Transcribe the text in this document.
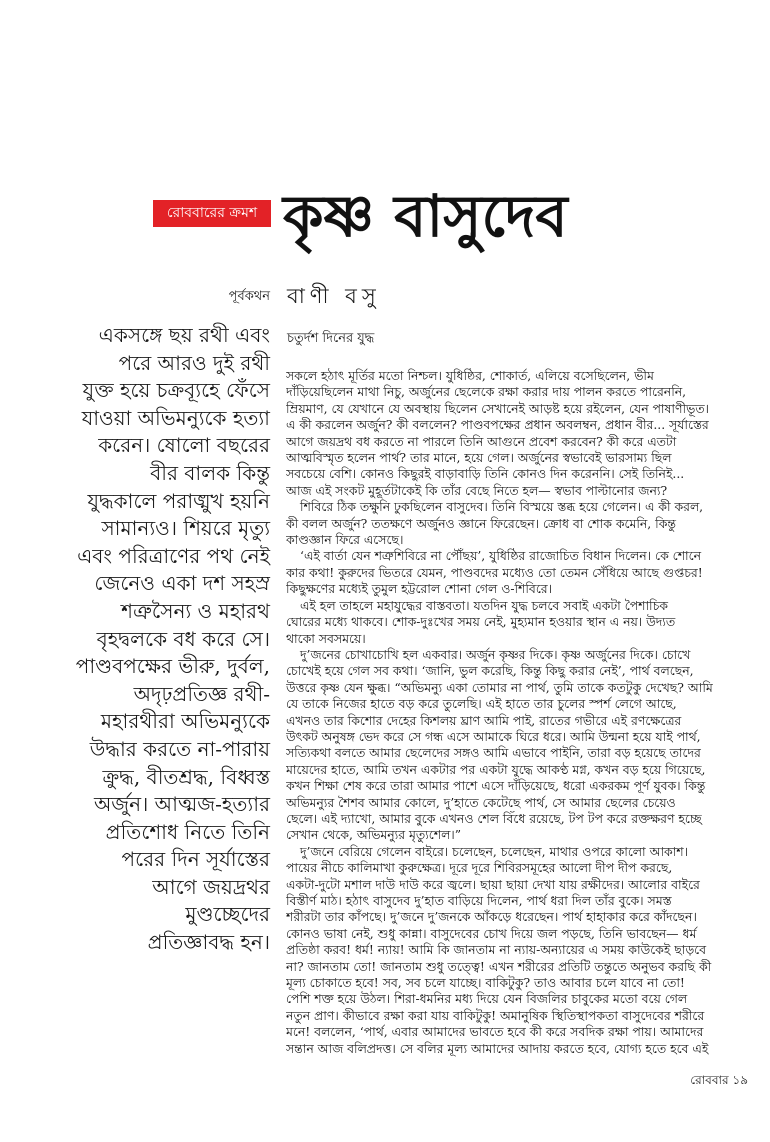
রোববারের ক্রমশ কৃষ্ণ বাসুদেব
পূর্বকথন বাণী বসু
চতুর্দশ দিনের যুদ্ধ
একসঙ্গে ছয় রথী এবং
পরে আরও দুই রথী
যুক্ত হয়ে চক্রব্যূহে ফেঁসে
যাওয়া অভিমন্যুকে হত্যা
করেন। ষোলো বছরের
বীর বালক কিন্তু
যুদ্ধকালে পরাঙ্মুখ হয়নি
সামান্যও। শিয়রে মৃত্যু
এবং পরিত্রাণের পথ নেই
জেনেও একা দশ সহস্র
শত্রুসৈন্য ও মহারথ
বৃহদ্বলকে বধ করে সে।
পাণ্ডবপক্ষের ভীরু, দুর্বল,
অদৃঢ়প্রতিজ্ঞ রথী-
মহারথীরা অভিমন্যুকে
উদ্ধার করতে না-পারায়
ক্রুদ্ধ, বীতশ্রদ্ধ, বিধ্বস্ত
অর্জুন। আত্মজ-হত্যার
প্রতিশোধ নিতে তিনি
পরের দিন সূর্যাস্তের
আগে জয়দ্রথর
মুণ্ডচ্ছেদের
প্রতিজ্ঞাবদ্ধ হন।
সকলে হঠাৎ মূর্তির মতো নিশ্চল। যুধিষ্ঠির, শোকার্ত, এলিয়ে বসেছিলেন, ভীম
দাঁড়িয়েছিলেন মাথা নিচু, অর্জুনের ছেলেকে রক্ষা করার দায় পালন করতে পারেননি,
ম্রিয়মাণ, যে যেখানে যে অবস্থায় ছিলেন সেখানেই আড়ষ্ট হয়ে রইলেন, যেন পাষাণীভূত।
এ কী করলেন অর্জুন? কী বললেন? পাণ্ডবপক্ষের প্রধান অবলম্বন, প্রধান বীর... সূর্যাস্তের
আগে জয়দ্রথ বধ করতে না পারলে তিনি আগুনে প্রবেশ করবেন? কী করে এতটা
আত্মবিস্মৃত হলেন পার্থ? তার মানে, হয়ে গেল। অর্জুনের স্বভাবেই ভারসাম্য ছিল
সবচেয়ে বেশি। কোনও কিছুরই বাড়াবাড়ি তিনি কোনও দিন করেননি। সেই তিনিই...
আজ এই সংকট মুহূর্তটাকেই কি তাঁর বেছে নিতে হল— স্বভাব পাল্টানোর জন্য?
শিবিরে ঠিক তক্ষুনি ঢুকছিলেন বাসুদেব। তিনি বিস্ময়ে স্তব্ধ হয়ে গেলেন। এ কী করল,
কী বলল অর্জুন? ততক্ষণে অর্জুনও জ্ঞানে ফিরেছেন। ক্রোধ বা শোক কমেনি, কিন্তু
কাণ্ডজ্ঞান ফিরে এসেছে।
‘এই বার্তা যেন শত্রুশিবিরে না পৌঁছয়’, যুধিষ্ঠির রাজোচিত বিধান দিলেন। কে শোনে
কার কথা! কুরুদের ভিতরে যেমন, পাণ্ডবদের মধ্যেও তো তেমন সেঁধিয়ে আছে গুপ্তচর!
কিছুক্ষণের মধ্যেই তুমুল হট্টরোল শোনা গেল ও-শিবিরে।
এই হল তাহলে মহাযুদ্ধের বাস্তবতা। যতদিন যুদ্ধ চলবে সবাই একটা পৈশাচিক
ঘোরের মধ্যে থাকবে। শোক-দুঃখের সময় নেই, মুহ্যমান হওয়ার স্থান এ নয়। উদ্যত
থাকো সবসময়ে।
দু’জনের চোখাচোখি হল একবার। অর্জুন কৃষ্ণর দিকে। কৃষ্ণ অর্জুনের দিকে। চোখে
চোখেই হয়ে গেল সব কথা। ‘জানি, ভুল করেছি, কিন্তু কিছু করার নেই’, পার্থ বলছেন,
উত্তরে কৃষ্ণ যেন ক্ষুব্ধ। “অভিমন্যু একা তোমার না পার্থ, তুমি তাকে কতটুকু দেখেছ? আমি
যে তাকে নিজের হাতে বড় করে তুলেছি। এই হাতে তার চুলের স্পর্শ লেগে আছে,
এখনও তার কিশোর দেহের কিশলয় ঘ্রাণ আমি পাই, রাতের গভীরে এই রণক্ষেত্রের
উৎকট অনুষঙ্গ ভেদ করে সে গন্ধ এসে আমাকে ঘিরে ধরে। আমি উন্মনা হয়ে যাই পার্থ,
সত্যিকথা বলতে আমার ছেলেদের সঙ্গও আমি এভাবে পাইনি, তারা বড় হয়েছে তাদের
মায়েদের হাতে, আমি তখন একটার পর একটা যুদ্ধে আকণ্ঠ মগ্ন, কখন বড় হয়ে গিয়েছে,
কখন শিক্ষা শেষ করে তারা আমার পাশে এসে দাঁড়িয়েছে, ধরো একরকম পূর্ণ যুবক। কিন্তু
অভিমন্যুর শৈশব আমার কোলে, দু’হাতে কেটেছে পার্থ, সে আমার ছেলের চেয়েও
ছেলে। এই দ্যাখো, আমার বুকে এখনও শেল বিঁধে রয়েছে, টপ টপ করে রক্তক্ষরণ হচ্ছে
সেখান থেকে, অভিমন্যুর মৃত্যুশেল।”
দু’জনে বেরিয়ে গেলেন বাইরে। চলেছেন, চলেছেন, মাথার ওপরে কালো আকাশ।
পায়ের নীচে কালিমাখা কুরুক্ষেত্র। দূরে দূরে শিবিরসমূহের আলো দীপ দীপ করছে,
একটা-দুটো মশাল দাউ দাউ করে জ্বলে। ছায়া ছায়া দেখা যায় রক্ষীদের। আলোর বাইরে
বিস্তীর্ণ মাঠ। হঠাৎ বাসুদেব দু’হাত বাড়িয়ে দিলেন, পার্থ ধরা দিল তাঁর বুকে। সমস্ত
শরীরটা তার কাঁপছে। দু’জনে দু’জনকে আঁকড়ে ধরেছেন। পার্থ হাহাকার করে কাঁদছেন।
কোনও ভাষা নেই, শুধু কান্না। বাসুদেবের চোখ দিয়ে জল পড়ছে, তিনি ভাবছেন— ধর্ম
প্রতিষ্ঠা করব! ধর্ম! ন্যায়! আমি কি জানতাম না ন্যায়-অন্যায়ের এ সময় কাউকেই ছাড়বে
না? জানতাম তো! জানতাম শুধু তত্ত্বে! এখন শরীরের প্রতিটি তন্তুতে অনুভব করছি কী
মূল্য চোকাতে হবে! সব, সব চলে যাচ্ছে। বাকিটুকু? তাও আবার চলে যাবে না তো!
পেশি শক্ত হয়ে উঠল। শিরা-ধমনির মধ্য দিয়ে যেন বিজলির চাবুকের মতো বয়ে গেল
নতুন প্রাণ। কীভাবে রক্ষা করা যায় বাকিটুকু! অমানুষিক স্থিতিস্থাপকতা বাসুদেবের শরীরে
মনে! বললেন, ‘পার্থ, এবার আমাদের ভাবতে হবে কী করে সবদিক রক্ষা পায়। আমাদের
সন্তান আজ বলিপ্রদত্ত। সে বলির মূল্য আমাদের আদায় করতে হবে, যোগ্য হতে হবে এই
রোববার ১৯
